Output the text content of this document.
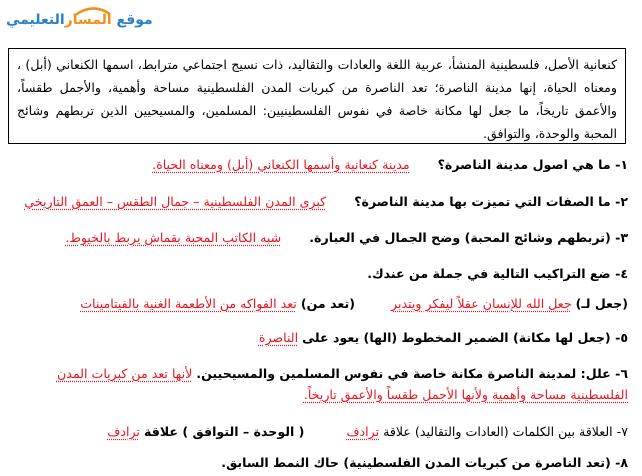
موقع المسارالتعليمي
كنعانية الأصل، فلسطينية المنشأ، عربية اللغة والعادات والتقاليد، ذات نسيج اجتماعي مترابط، اسمها الكنعاني (أبل) ، ومعناه الحياة، إنها مدينة الناصرة؛ تعد الناصرة من كبريات المدن الفلسطينية مساحة وأهمية، والأجمل طقساً، والأعمق تاريخاً، ما جعل لها مكانة خاصة في نفوس الفلسطينيين: المسلمين، والمسيحيين الذين تربطهم وشائج المحبة والوحدة، والتوافق.
١- ما هي اصول مدينة الناصرة؟  مدينة كنعانية وأسمها الكنعاني (أبل) ومعناه الحياة.
٢- ما الصفات التي تميزت بها مدينة الناصرة؟  كبرى المدن الفلسطينية – جمال الطقس – العمق التاريخي
٣- (تربطهم وشائج المحبة) وضح الجمال في العبارة.  شبه الكاتب المحبة بقماش يربط بالخيوط.
٤- ضع التراكيب التالية في جملة من عندك.
(جعل لـ) جعل الله للإنسان عقلاً ليفكر ويتدبر  (تعد من) تعد الفواكه من الأطعمة الغنية بالفيتامينات
٥- (جعل لها مكانة) الضمير المخطوط (الها) يعود على الناصرة
٦- علل: لمدينة الناصرة مكانة خاصة في نفوس المسلمين والمسيحيين. لأنها تعد من كبريات المدن
الفلسطينية مساحة وأهمية ولأنها الأجمل طقساً والأعمق تاريخاً.
٧- العلاقة بين الكلمات (العادات والتقاليد) علاقة ترادف  ( الوحدة – التوافق ) علاقة ترادف
٨- (تعد الناصرة من كبريات المدن الفلسطينية) حاك النمط السابق.
